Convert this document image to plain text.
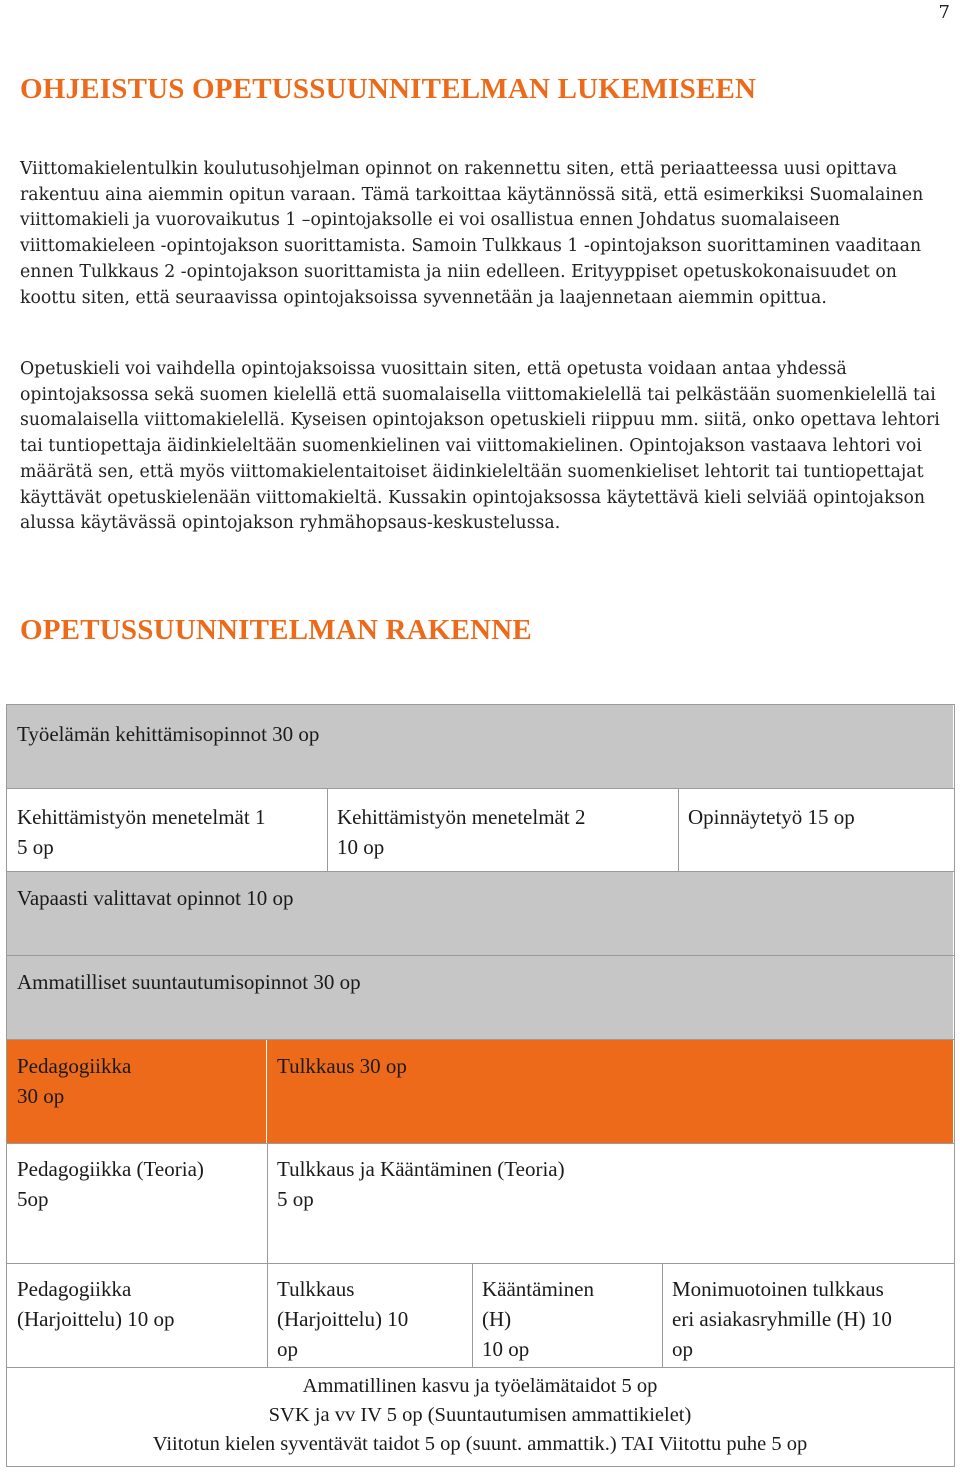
7
OHJEISTUS OPETUSSUUNNITELMAN LUKEMISEEN

Viittomakielentulkin koulutusohjelman opinnot on rakennettu siten, että periaatteessa uusi opittava rakentuu aina aiemmin opitun varaan. Tämä tarkoittaa käytännössä sitä, että esimerkiksi Suomalainen viittomakieli ja vuorovaikutus 1 –opintojaksolle ei voi osallistua ennen Johdatus suomalaiseen viittomakieleen -opintojakson suorittamista. Samoin Tulkkaus 1 -opintojakson suorittaminen vaaditaan ennen Tulkkaus 2 -opintojakson suorittamista ja niin edelleen. Erityyppiset opetuskokonaisuudet on koottu siten, että seuraavissa opintojaksoissa syvennetään ja laajennetaan aiemmin opittua.

Opetuskieli voi vaihdella opintojaksoissa vuosittain siten, että opetusta voidaan antaa yhdessä opintojaksossa sekä suomen kielellä että suomalaisella viittomakielellä tai pelkästään suomenkielellä tai suomalaisella viittomakielellä. Kyseisen opintojakson opetuskieli riippuu mm. siitä, onko opettava lehtori tai tuntiopettaja äidinkieleltään suomenkielinen vai viittomakielinen. Opintojakson vastaava lehtori voi määrätä sen, että myös viittomakielentaitoiset äidinkieleltään suomenkieliset lehtorit tai tuntiopettajat käyttävät opetuskielenään viittomakieltä. Kussakin opintojaksossa käytettävä kieli selviää opintojakson alussa käytävässä opintojakson ryhmähopsaus-keskustelussa.

OPETUSSUUNNITELMAN RAKENNE
Työelämän kehittämisopinnot 30 op
Kehittämistyön menetelmät 1
5 op
Kehittämistyön menetelmät 2
10 op
Opinnäytetyö 15 op
Vapaasti valittavat opinnot 10 op
Ammatilliset suuntautumisopinnot 30 op
Pedagogiikka
30 op
Tulkkaus 30 op
Pedagogiikka (Teoria)
5op
Tulkkaus ja Kääntäminen (Teoria)
5 op
Pedagogiikka
(Harjoittelu) 10 op
Tulkkaus
(Harjoittelu) 10
op
Kääntäminen
(H)
10 op
Monimuotoinen tulkkaus
eri asiakasryhmille (H) 10
op
Ammatillinen kasvu ja työelämätaidot 5 op
SVK ja vv IV 5 op (Suuntautumisen ammattikielet)
Viitotun kielen syventävät taidot 5 op (suunt. ammattik.) TAI Viitottu puhe 5 op
